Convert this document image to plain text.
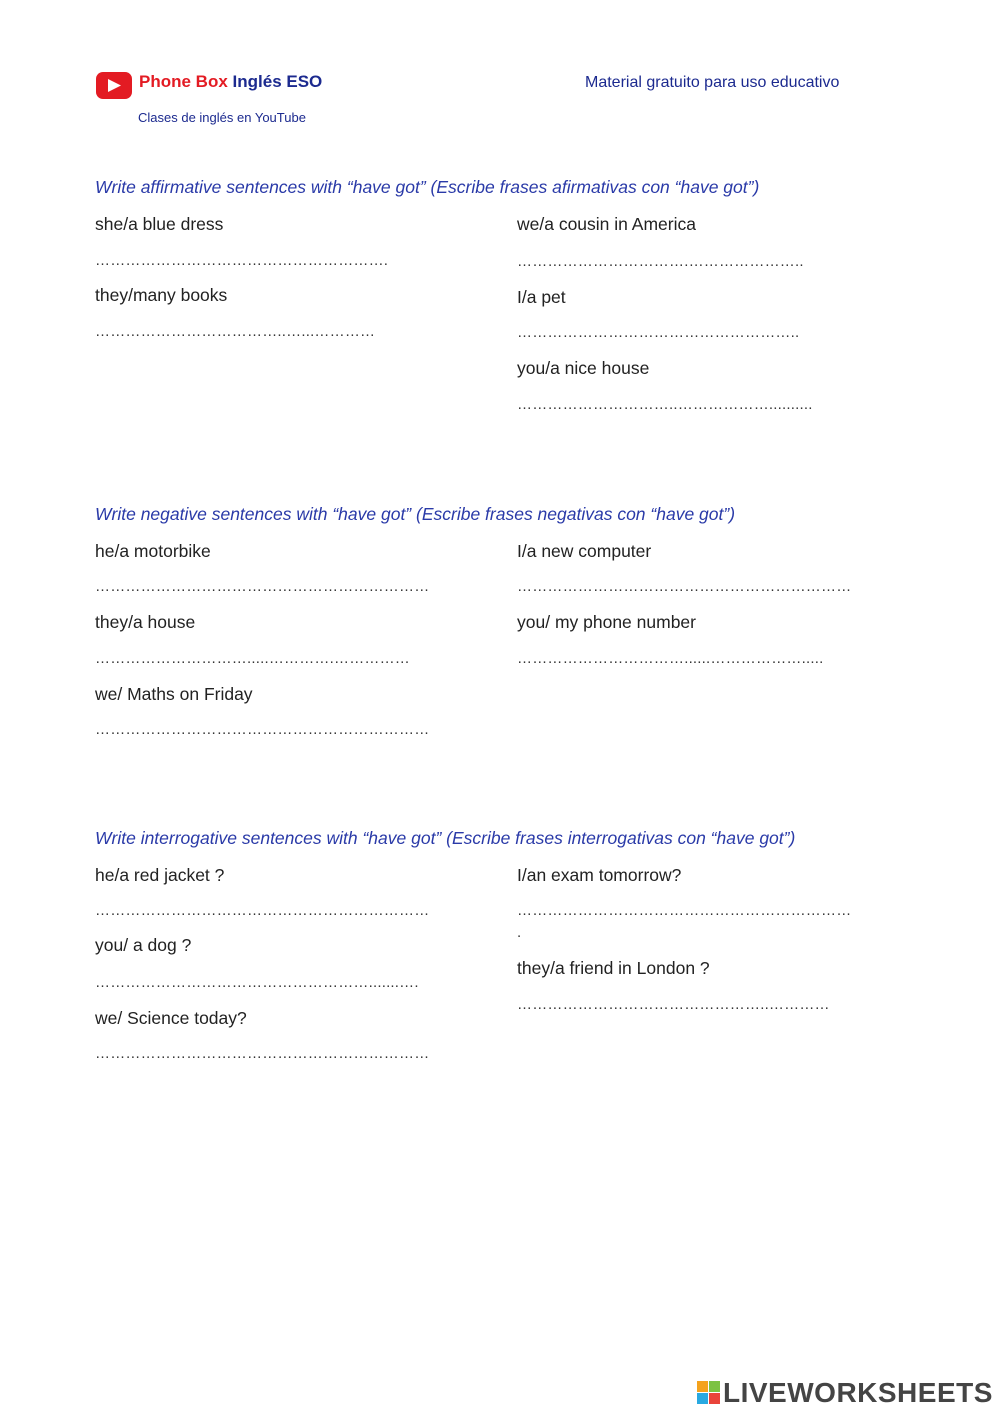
Phone Box Inglés ESO
Clases de inglés en YouTube
Material gratuito para uso educativo
Write affirmative sentences with “have got” (Escribe frases afirmativas con “have got”)
she/a blue dress
………………………………………………….
they/many books
………………………………..…...…………
we/a cousin in America
…………………………….…………………..
I/a pet
………………………………………………..
you/a nice house
…………………………..………………..........
Write negative sentences with “have got” (Escribe frases negativas con “have got”)
he/a motorbike
…………………………………………………………
they/a house
………………………….....………….……………
we/ Maths on Friday
…………………………………………………………
I/a new computer
…………………………………………………………
you/ my phone number
……………………………......……………….....
Write interrogative sentences with “have got” (Escribe frases interrogativas con “have got”)
he/a red jacket ?
…………………………………………………………
you/ a dog ?
……………………………………………….......….
we/ Science today?
…………………………………………………………
I/an exam tomorrow?
…………………………………………………………
.
they/a friend in London ?
…………………………………………..…………
LIVEWORKSHEETS
